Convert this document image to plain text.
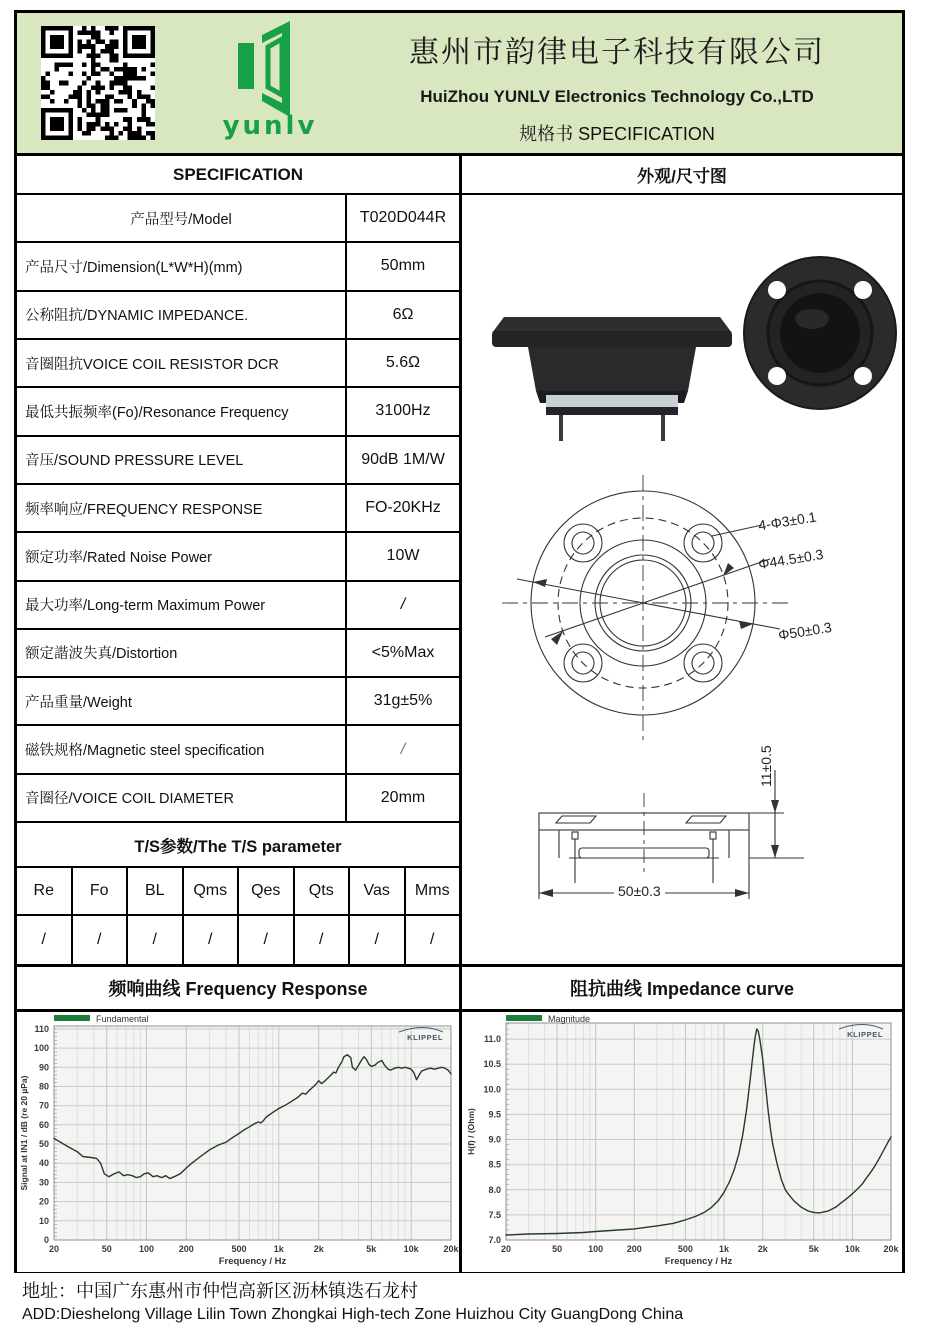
yunlv
惠州市韵律电子科技有限公司
HuiZhou YUNLV Electronics Technology Co.,LTD
规格书 SPECIFICATION
SPECIFICATION
产品型号/Model	T020D044R
产品尺寸/Dimension(L*W*H)(mm)	50mm
公称阻抗/DYNAMIC IMPEDANCE.	6Ω
音圈阻抗VOICE COIL RESISTOR DCR	5.6Ω
最低共振频率(Fo)/Resonance Frequency	3100Hz
音压/SOUND PRESSURE LEVEL	90dB 1M/W
频率响应/FREQUENCY RESPONSE	FO-20KHz
额定功率/Rated Noise Power	10W
最大功率/Long-term Maximum Power	/
额定諧波失真/Distortion	<5%Max
产品重量/Weight	31g±5%
磁铁规格/Magnetic steel specification	/
音圈径/VOICE COIL DIAMETER	20mm
T/S参数/The T/S parameter
Re	Fo	BL	Qms	Qes	Qts	Vas	Mms
/	/	/	/	/	/	/	/
外观/尺寸图
4-Φ3±0.1
Φ44.5±0.3
Φ50±0.3
11±0.5
50±0.3
频响曲线 Frequency Response
0
10
20
30
40
50
60
70
80
90
100
110
20	50	100	200	500	1k	2k	5k	10k	20k
Frequency / Hz
Signal at IN1 / dB (re 20 µPa)
Fundamental
KLIPPEL
阻抗曲线 Impedance curve
7.0
7.5
8.0
8.5
9.0
9.5
10.0
10.5
11.0
20	50	100	200	500	1k	2k	5k	10k	20k
Frequency / Hz
H(f) / (Ohm)
Magnitude
KLIPPEL
地址：中国广东惠州市仲恺高新区沥林镇迭石龙村
ADD:Dieshelong Village Lilin Town Zhongkai High-tech Zone Huizhou City GuangDong China
